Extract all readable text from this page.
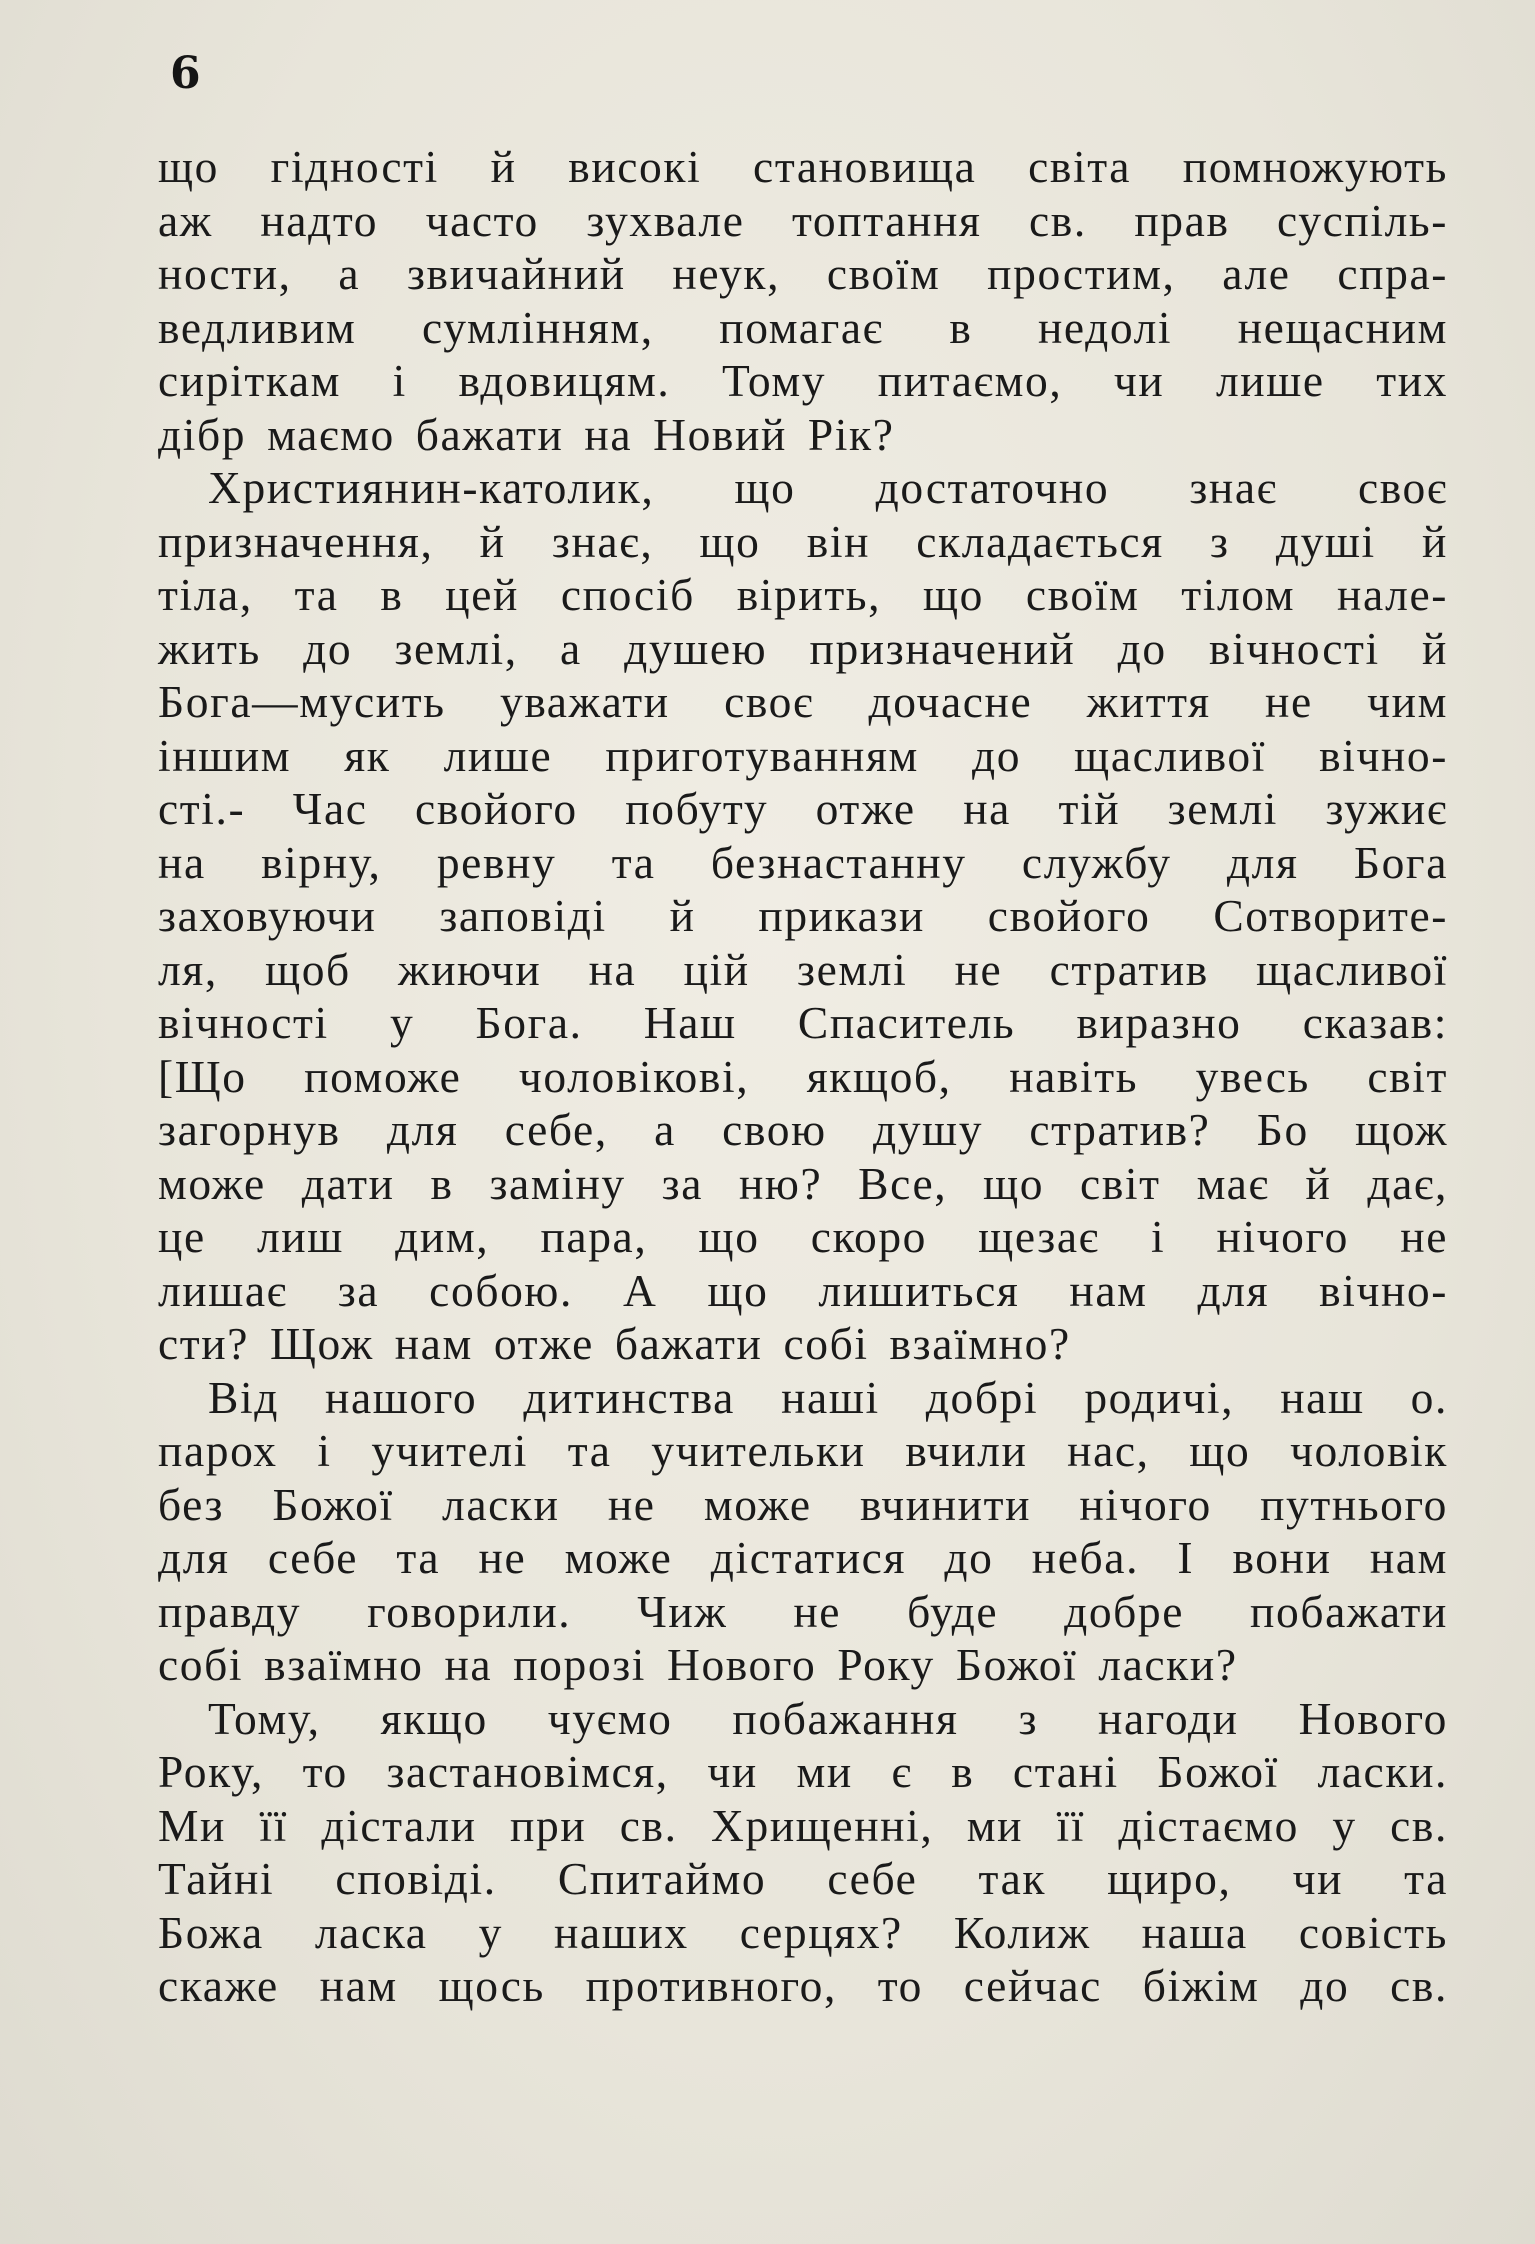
6
що гідності й високі становища світа помножують
аж надто часто зухвале топтання св. прав суспіль-
ности, а звичайний неук, своїм простим, але спра-
ведливим сумлінням, помагає в недолі нещасним
сиріткам і вдовицям. Тому питаємо, чи лише тих
дібр маємо бажати на Новий Рік?
Християнин-католик, що достаточно знає своє
призначення, й знає, що він складається з душі й
тіла, та в цей спосіб вірить, що своїм тілом нале-
жить до землі, а душею призначений до вічності й
Бога—мусить уважати своє дочасне життя не чим
іншим як лише приготуванням до щасливої вічно-
сті.- Час свойого побуту отже на тій землі зужиє
на вірну, ревну та безнастанну службу для Бога
заховуючи заповіді й прикази свойого Сотворите-
ля, щоб жиючи на цій землі не стратив щасливої
вічності у Бога. Наш Спаситель виразно сказав:
[Що поможе чоловікові, якщоб, навіть увесь світ
загорнув для себе, а свою душу стратив? Бо щож
може дати в заміну за ню? Все, що світ має й дає,
це лиш дим, пара, що скоро щезає і нічого не
лишає за собою. А що лишиться нам для вічно-
сти? Щож нам отже бажати собі взаїмно?
Від нашого дитинства наші добрі родичі, наш о.
парох і учителі та учительки вчили нас, що чоловік
без Божої ласки не може вчинити нічого путнього
для себе та не може дістатися до неба. І вони нам
правду говорили. Чиж не буде добре побажати
собі взаїмно на порозі Нового Року Божої ласки?
Тому, якщо чуємо побажання з нагоди Нового
Року, то застановімся, чи ми є в стані Божої ласки.
Ми її дістали при св. Хрищенні, ми її дістаємо у св.
Тайні сповіді. Спитаймо себе так щиро, чи та
Божа ласка у наших серцях? Колиж наша совість
скаже нам щось противного, то сейчас біжім до св.
